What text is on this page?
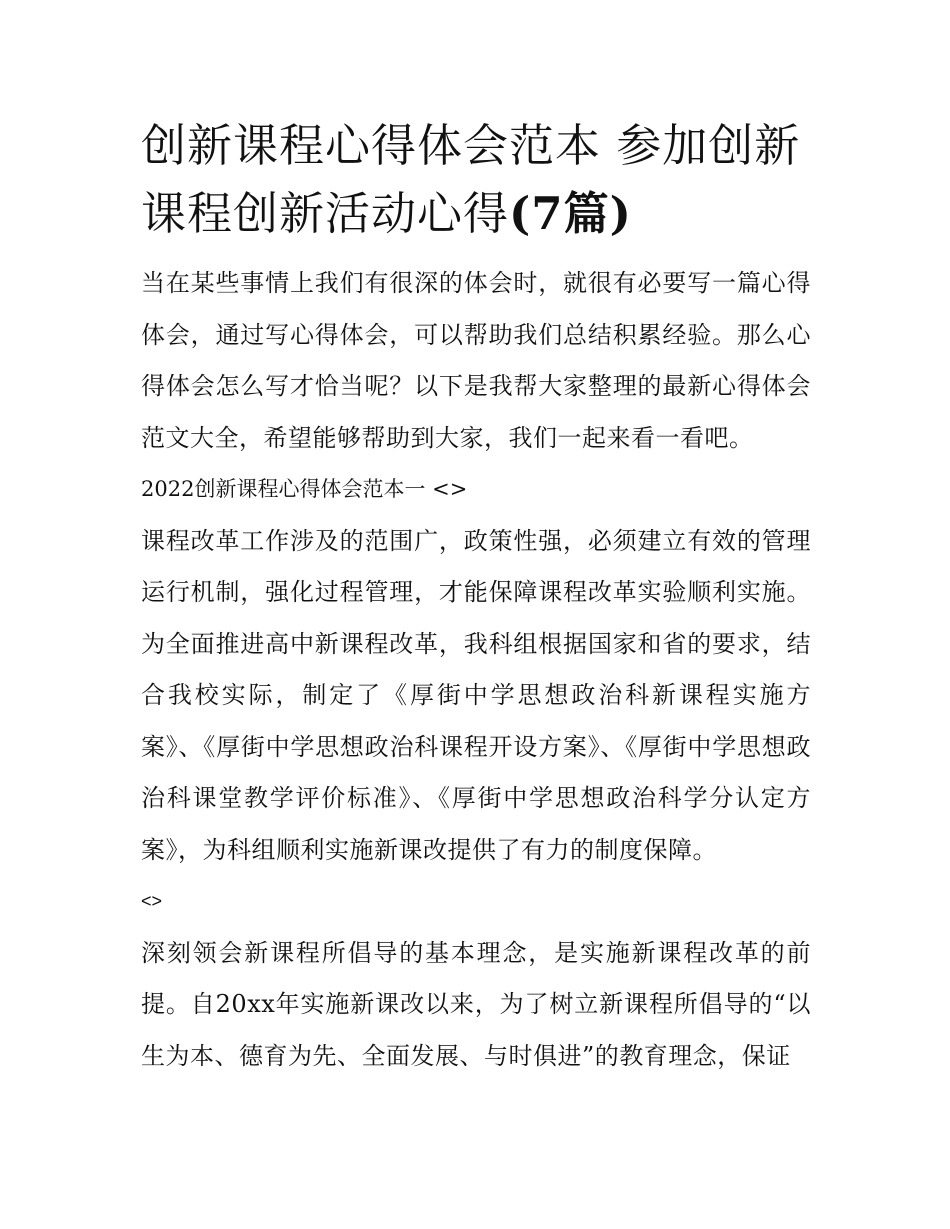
创新课程心得体会范本 参加创新课程创新活动心得(7篇)

当在某些事情上我们有很深的体会时，就很有必要写一篇心得体会，通过写心得体会，可以帮助我们总结积累经验。那么心得体会怎么写才恰当呢？以下是我帮大家整理的最新心得体会范文大全，希望能够帮助到大家，我们一起来看一看吧。

2022创新课程心得体会范本一 <>

课程改革工作涉及的范围广，政策性强，必须建立有效的管理运行机制，强化过程管理，才能保障课程改革实验顺利实施。为全面推进高中新课程改革，我科组根据国家和省的要求，结合我校实际，制定了《厚街中学思想政治科新课程实施方案》、《厚街中学思想政治科课程开设方案》、《厚街中学思想政治科课堂教学评价标准》、《厚街中学思想政治科学分认定方案》，为科组顺利实施新课改提供了有力的制度保障。

<>

深刻领会新课程所倡导的基本理念，是实施新课程改革的前提。自20xx年实施新课改以来，为了树立新课程所倡导的“以生为本、德育为先、全面发展、与时俱进”的教育理念，保证
